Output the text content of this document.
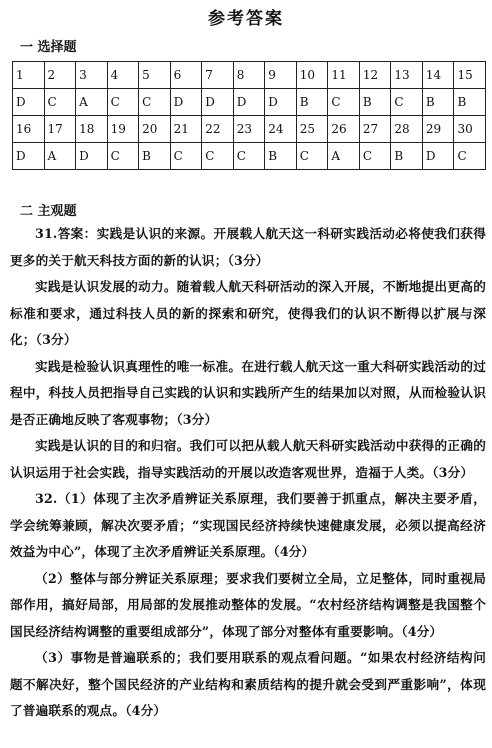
参考答案
一 选择题
1	2	3	4	5	6	7	8	9	10	11	12	13	14	15
D	C	A	C	C	D	D	D	D	B	C	B	C	B	B
16	17	18	19	20	21	22	23	24	25	26	27	28	29	30
D	A	D	C	B	C	C	C	B	C	A	C	B	D	C
二 主观题

31.答案：实践是认识的来源。开展载人航天这一科研实践活动必将使我们获得更多的关于航天科技方面的新的认识；（3分）

实践是认识发展的动力。随着载人航天科研活动的深入开展，不断地提出更高的标准和要求，通过科技人员的新的探索和研究，使得我们的认识不断得以扩展与深化；（3分）

实践是检验认识真理性的唯一标准。在进行载人航天这一重大科研实践活动的过程中，科技人员把指导自己实践的认识和实践所产生的结果加以对照，从而检验认识是否正确地反映了客观事物；（3分）

实践是认识的目的和归宿。我们可以把从载人航天科研实践活动中获得的正确的认识运用于社会实践，指导实践活动的开展以改造客观世界，造福于人类。（3分）

32.（1）体现了主次矛盾辨证关系原理，我们要善于抓重点，解决主要矛盾，学会统筹兼顾，解决次要矛盾；“实现国民经济持续快速健康发展，必须以提高经济效益为中心”，体现了主次矛盾辨证关系原理。（4分）

（2）整体与部分辨证关系原理；要求我们要树立全局，立足整体，同时重视局部作用，搞好局部，用局部的发展推动整体的发展。“农村经济结构调整是我国整个国民经济结构调整的重要组成部分”，体现了部分对整体有重要影响。（4分）

（3）事物是普遍联系的；我们要用联系的观点看问题。“如果农村经济结构问题不解决好，整个国民经济的产业结构和素质结构的提升就会受到严重影响”，体现了普遍联系的观点。（4分）
